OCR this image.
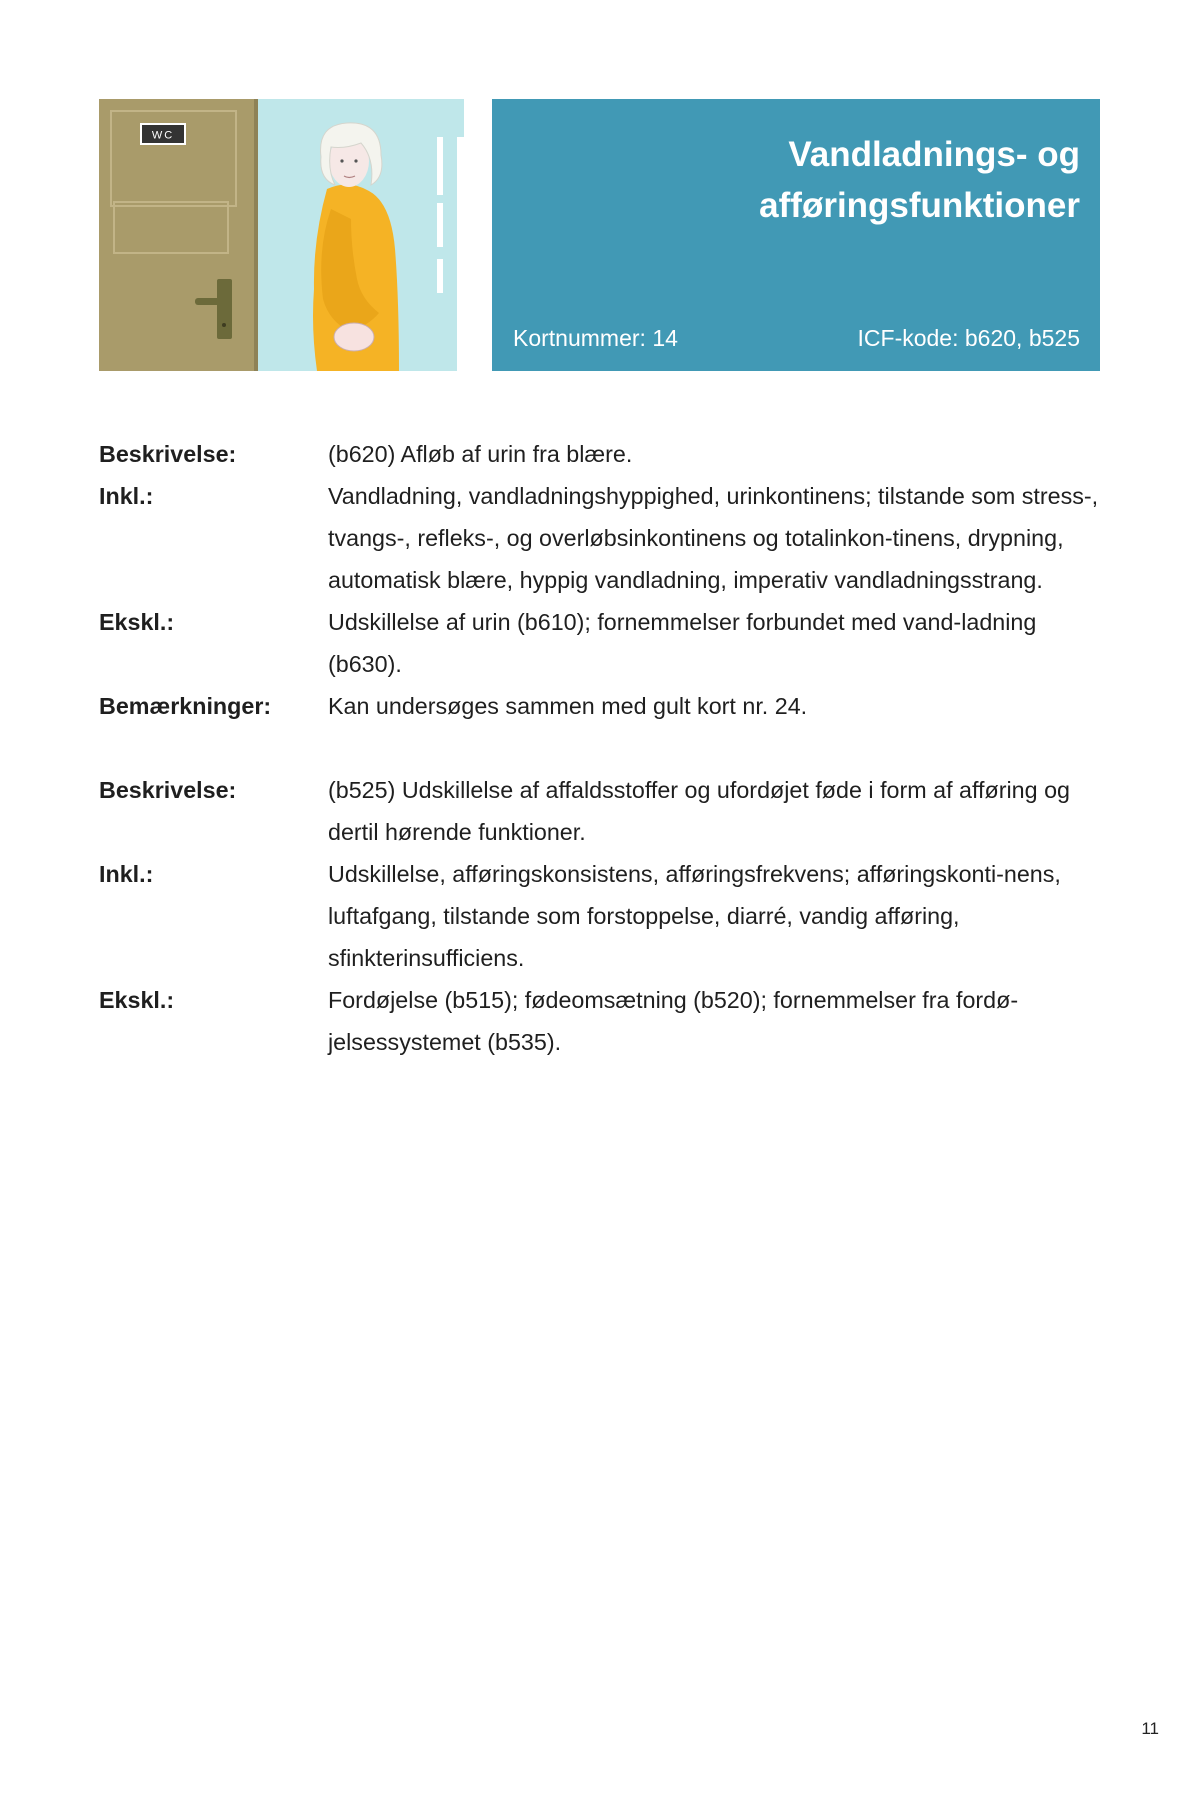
WC	Vandladnings- og afføringsfunktioner
Kortnummer: 14	ICF-kode: b620, b525
Beskrivelse:	(b620) Afløb af urin fra blære.
Inkl.:	Vandladning, vandladningshyppighed, urinkontinens; tilstande som stress-, tvangs-, refleks-, og overløbsinkontinens og totalinkon-tinens, drypning, automatisk blære, hyppig vandladning, imperativ vandladningsstrang.
Ekskl.:	Udskillelse af urin (b610); fornemmelser forbundet med vand-ladning (b630).
Bemærkninger:	Kan undersøges sammen med gult kort nr. 24.
Beskrivelse:	(b525) Udskillelse af affaldsstoffer og ufordøjet føde i form af afføring og dertil hørende funktioner.
Inkl.:	Udskillelse, afføringskonsistens, afføringsfrekvens; afføringskonti-nens, luftafgang, tilstande som forstoppelse, diarré, vandig afføring, sfinkterinsufficiens.
Ekskl.:	Fordøjelse (b515); fødeomsætning (b520); fornemmelser fra fordø-jelsessystemet (b535).
11
